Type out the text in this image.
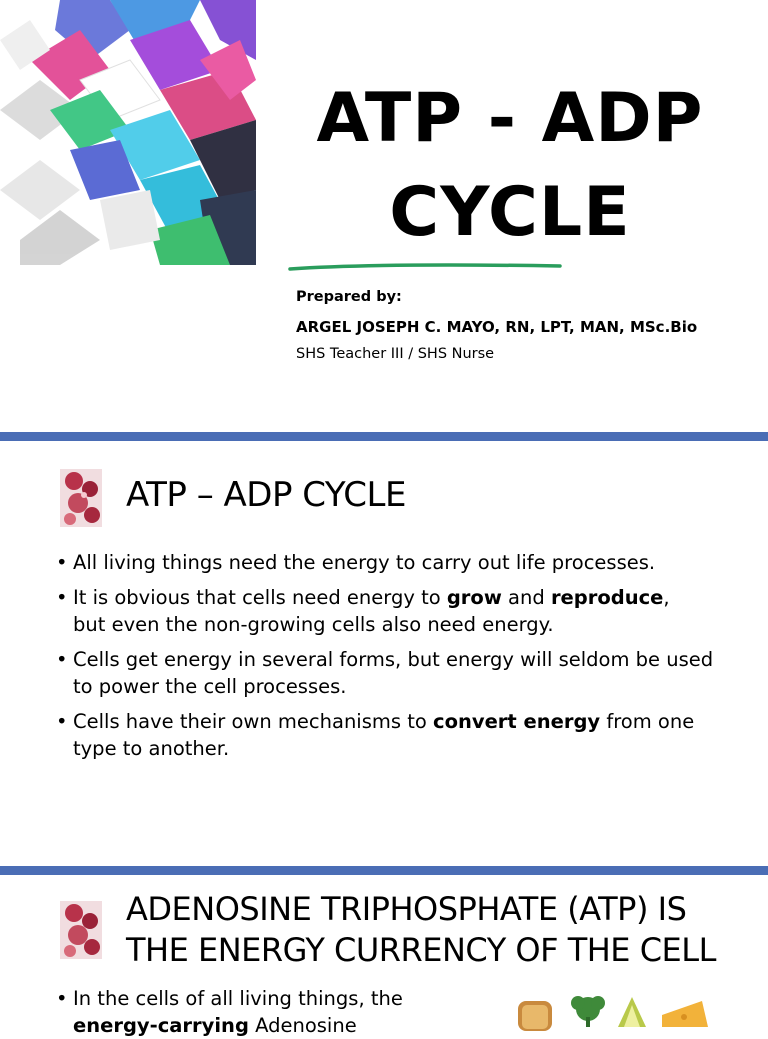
ATP - ADP
CYCLE
Prepared by:
ARGEL JOSEPH C. MAYO, RN, LPT, MAN, MSc.Bio
SHS Teacher III / SHS Nurse
ATP – ADP CYCLE
• All living things need the energy to carry out life processes.
• It is obvious that cells need energy to grow and reproduce,
but even the non-growing cells also need energy.
• Cells get energy in several forms, but energy will seldom be used to power the cell processes.
• Cells have their own mechanisms to convert energy from one type to another.
ADENOSINE TRIPHOSPHATE (ATP) IS
THE ENERGY CURRENCY OF THE CELL
• In the cells of all living things, the
energy-carrying Adenosine
